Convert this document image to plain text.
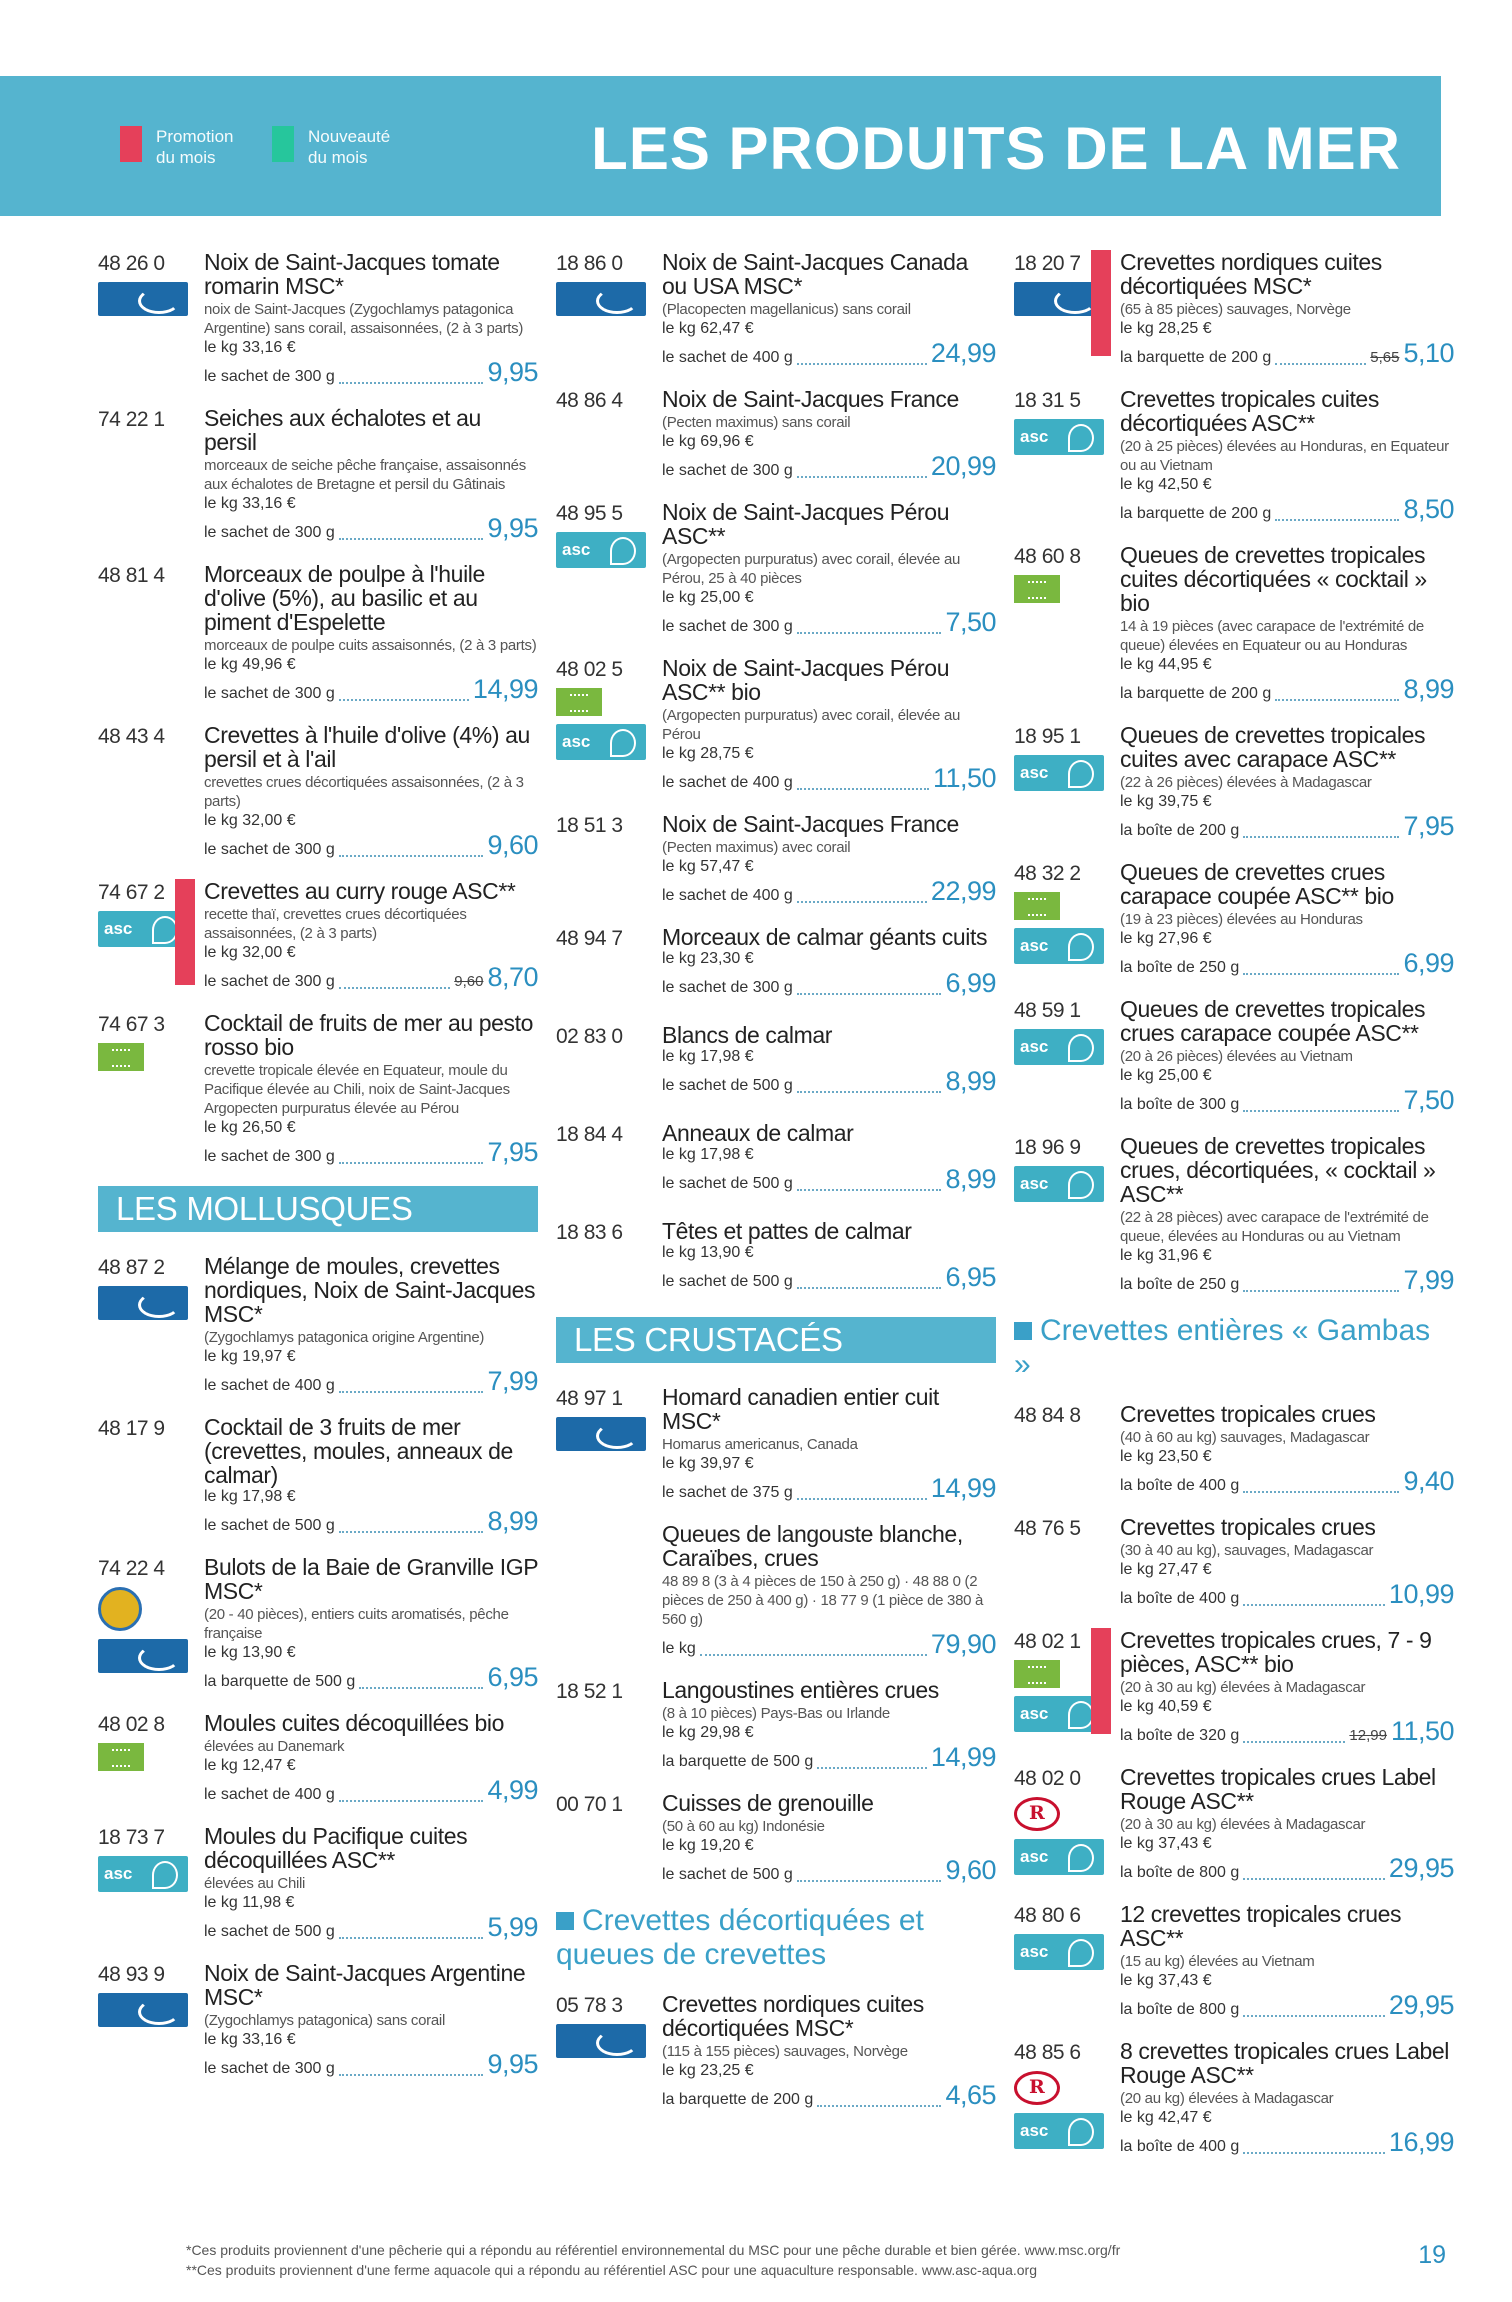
Promotion du mois
Nouveauté du mois	LES PRODUITS DE LA MER
48 26 0 Noix de Saint-Jacques tomate romarin MSC*

noix de Saint-Jacques (Zygochlamys patagonica Argentine) sans corail, assaisonnées, (2 à 3 parts)

le kg 33,16 €

le sachet de 300 g	9,95
74 22 1 Seiches aux échalotes et au persil

morceaux de seiche pêche française, assaisonnés aux échalotes de Bretagne et persil du Gâtinais

le kg 33,16 €

le sachet de 300 g	9,95
48 81 4 Morceaux de poulpe à l'huile d'olive (5%), au basilic et au piment d'Espelette

morceaux de poulpe cuits assaisonnés, (2 à 3 parts)

le kg 49,96 €

le sachet de 300 g	14,99
48 43 4 Crevettes à l'huile d'olive (4%) au persil et à l'ail

crevettes crues décortiquées assaisonnées, (2 à 3 parts)

le kg 32,00 €

le sachet de 300 g	9,60
74 67 2
asc Crevettes au curry rouge ASC**

recette thaï, crevettes crues décortiquées assaisonnées, (2 à 3 parts)

le kg 32,00 €

le sachet de 300 g	9,60 8,70
74 67 3 Cocktail de fruits de mer au pesto rosso bio

crevette tropicale élevée en Equateur, moule du Pacifique élevée au Chili, noix de Saint-Jacques Argopecten purpuratus élevée au Pérou

le kg 26,50 €

le sachet de 300 g	7,95
LES MOLLUSQUES
48 87 2 Mélange de moules, crevettes nordiques, Noix de Saint-Jacques MSC*

(Zygochlamys patagonica origine Argentine)

le kg 19,97 €

le sachet de 400 g	7,99
48 17 9 Cocktail de 3 fruits de mer (crevettes, moules, anneaux de calmar)

le kg 17,98 €

le sachet de 500 g	8,99
74 22 4 Bulots de la Baie de Granville IGP MSC*

(20 - 40 pièces), entiers cuits aromatisés, pêche française

le kg 13,90 €

la barquette de 500 g	6,95
48 02 8 Moules cuites décoquillées bio

élevées au Danemark

le kg 12,47 €

le sachet de 400 g	4,99
18 73 7
asc Moules du Pacifique cuites décoquillées ASC**

élevées au Chili

le kg 11,98 €

le sachet de 500 g	5,99
48 93 9 Noix de Saint-Jacques Argentine MSC*

(Zygochlamys patagonica) sans corail

le kg 33,16 €

le sachet de 300 g	9,95
18 86 0 Noix de Saint-Jacques Canada ou USA MSC*

(Placopecten magellanicus) sans corail

le kg 62,47 €

le sachet de 400 g	24,99
48 86 4 Noix de Saint-Jacques France

(Pecten maximus) sans corail

le kg 69,96 €

le sachet de 300 g	20,99
48 95 5
asc Noix de Saint-Jacques Pérou ASC**

(Argopecten purpuratus) avec corail, élevée au Pérou, 25 à 40 pièces

le kg 25,00 €

le sachet de 300 g	7,50
48 02 5
asc Noix de Saint-Jacques Pérou ASC** bio

(Argopecten purpuratus) avec corail, élevée au Pérou

le kg 28,75 €

le sachet de 400 g	11,50
18 51 3 Noix de Saint-Jacques France

(Pecten maximus) avec corail

le kg 57,47 €

le sachet de 400 g	22,99
48 94 7 Morceaux de calmar géants cuits

le kg 23,30 €

le sachet de 300 g	6,99
02 83 0 Blancs de calmar

le kg 17,98 €

le sachet de 500 g	8,99
18 84 4 Anneaux de calmar

le kg 17,98 €

le sachet de 500 g	8,99
18 83 6 Têtes et pattes de calmar

le kg 13,90 €

le sachet de 500 g	6,95
LES CRUSTACÉS
48 97 1 Homard canadien entier cuit MSC*

Homarus americanus, Canada

le kg 39,97 €

le sachet de 375 g	14,99

Queues de langouste blanche, Caraïbes, crues

48 89 8 (3 à 4 pièces de 150 à 250 g) · 48 88 0 (2 pièces de 250 à 400 g) · 18 77 9 (1 pièce de 380 à 560 g)

le kg	79,90
18 52 1 Langoustines entières crues

(8 à 10 pièces) Pays-Bas ou Irlande

le kg 29,98 €

la barquette de 500 g	14,99
00 70 1 Cuisses de grenouille

(50 à 60 au kg) Indonésie

le kg 19,20 €

le sachet de 500 g	9,60
Crevettes décortiquées et queues de crevettes
05 78 3 Crevettes nordiques cuites décortiquées MSC*

(115 à 155 pièces) sauvages, Norvège

le kg 23,25 €

la barquette de 200 g	4,65
18 20 7 Crevettes nordiques cuites décortiquées MSC*

(65 à 85 pièces) sauvages, Norvège

le kg 28,25 €

la barquette de 200 g	5,65 5,10
18 31 5
asc Crevettes tropicales cuites décortiquées ASC**

(20 à 25 pièces) élevées au Honduras, en Equateur ou au Vietnam

le kg 42,50 €

la barquette de 200 g	8,50
48 60 8 Queues de crevettes tropicales cuites décortiquées « cocktail » bio

14 à 19 pièces (avec carapace de l'extrémité de queue) élevées en Equateur ou au Honduras

le kg 44,95 €

la barquette de 200 g	8,99
18 95 1
asc Queues de crevettes tropicales cuites avec carapace ASC**

(22 à 26 pièces) élevées à Madagascar

le kg 39,75 €

la boîte de 200 g	7,95
48 32 2
asc Queues de crevettes crues carapace coupée ASC** bio

(19 à 23 pièces) élevées au Honduras

le kg 27,96 €

la boîte de 250 g	6,99
48 59 1
asc Queues de crevettes tropicales crues carapace coupée ASC**

(20 à 26 pièces) élevées au Vietnam

le kg 25,00 €

la boîte de 300 g	7,50
18 96 9
asc Queues de crevettes tropicales crues, décortiquées, « cocktail » ASC**

(22 à 28 pièces) avec carapace de l'extrémité de queue, élevées au Honduras ou au Vietnam

le kg 31,96 €

la boîte de 250 g	7,99
Crevettes entières « Gambas »
48 84 8 Crevettes tropicales crues

(40 à 60 au kg) sauvages, Madagascar

le kg 23,50 €

la boîte de 400 g	9,40
48 76 5 Crevettes tropicales crues

(30 à 40 au kg), sauvages, Madagascar

le kg 27,47 €

la boîte de 400 g	10,99
48 02 1
asc Crevettes tropicales crues, 7 - 9 pièces, ASC** bio

(20 à 30 au kg) élevées à Madagascar

le kg 40,59 €

la boîte de 320 g	12,99 11,50
48 02 0
R
asc Crevettes tropicales crues Label Rouge ASC**

(20 à 30 au kg) élevées à Madagascar

le kg 37,43 €

la boîte de 800 g	29,95
48 80 6
asc 12 crevettes tropicales crues ASC**

(15 au kg) élevées au Vietnam

le kg 37,43 €

la boîte de 800 g	29,95
48 85 6
R
asc 8 crevettes tropicales crues Label Rouge ASC**

(20 au kg) élevées à Madagascar

le kg 42,47 €

la boîte de 400 g	16,99
*Ces produits proviennent d'une pêcherie qui a répondu au référentiel environnemental du MSC pour une pêche durable et bien gérée. www.msc.org/fr
**Ces produits proviennent d'une ferme aquacole qui a répondu au référentiel ASC pour une aquaculture responsable. www.asc-aqua.org
19
